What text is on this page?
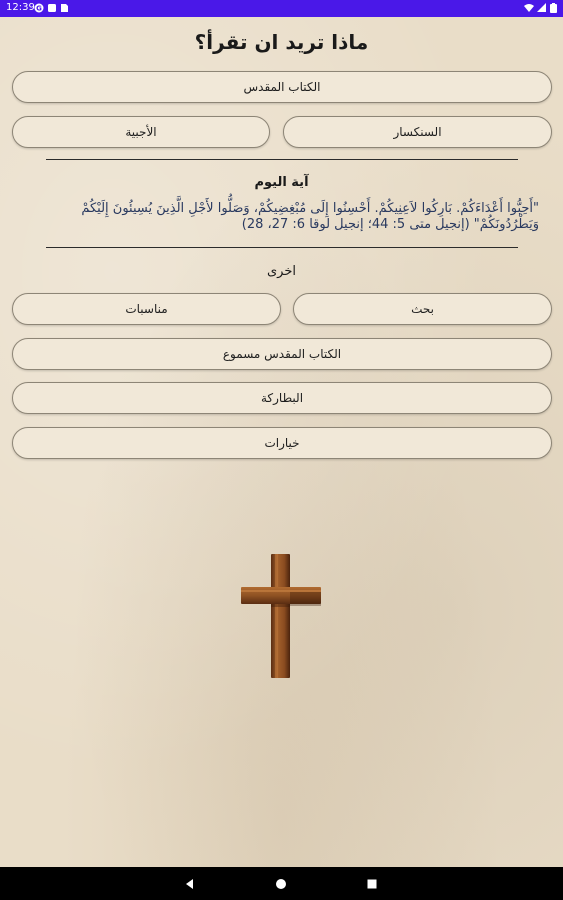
12:39 G
ماذا تريد ان تقرأ؟
الكتاب المقدس
السنكسار
الأجبية
آية اليوم
"أَحِبُّوا أَعْدَاءَكُمْ. بَارِكُوا لاَعِنِيكُمْ. أَحْسِنُوا إِلَى مُبْغِضِيكُمْ، وَصَلُّوا لأَجْلِ الَّذِينَ يُسِيئُونَ إِلَيْكُمْ وَيَطْرُدُونَكُمْ" (إنجيل متى 5: 44؛ إنجيل لوقا 6: 27، 28)
اخرى
بحث
مناسبات
الكتاب المقدس مسموع
البطاركة
خيارات
